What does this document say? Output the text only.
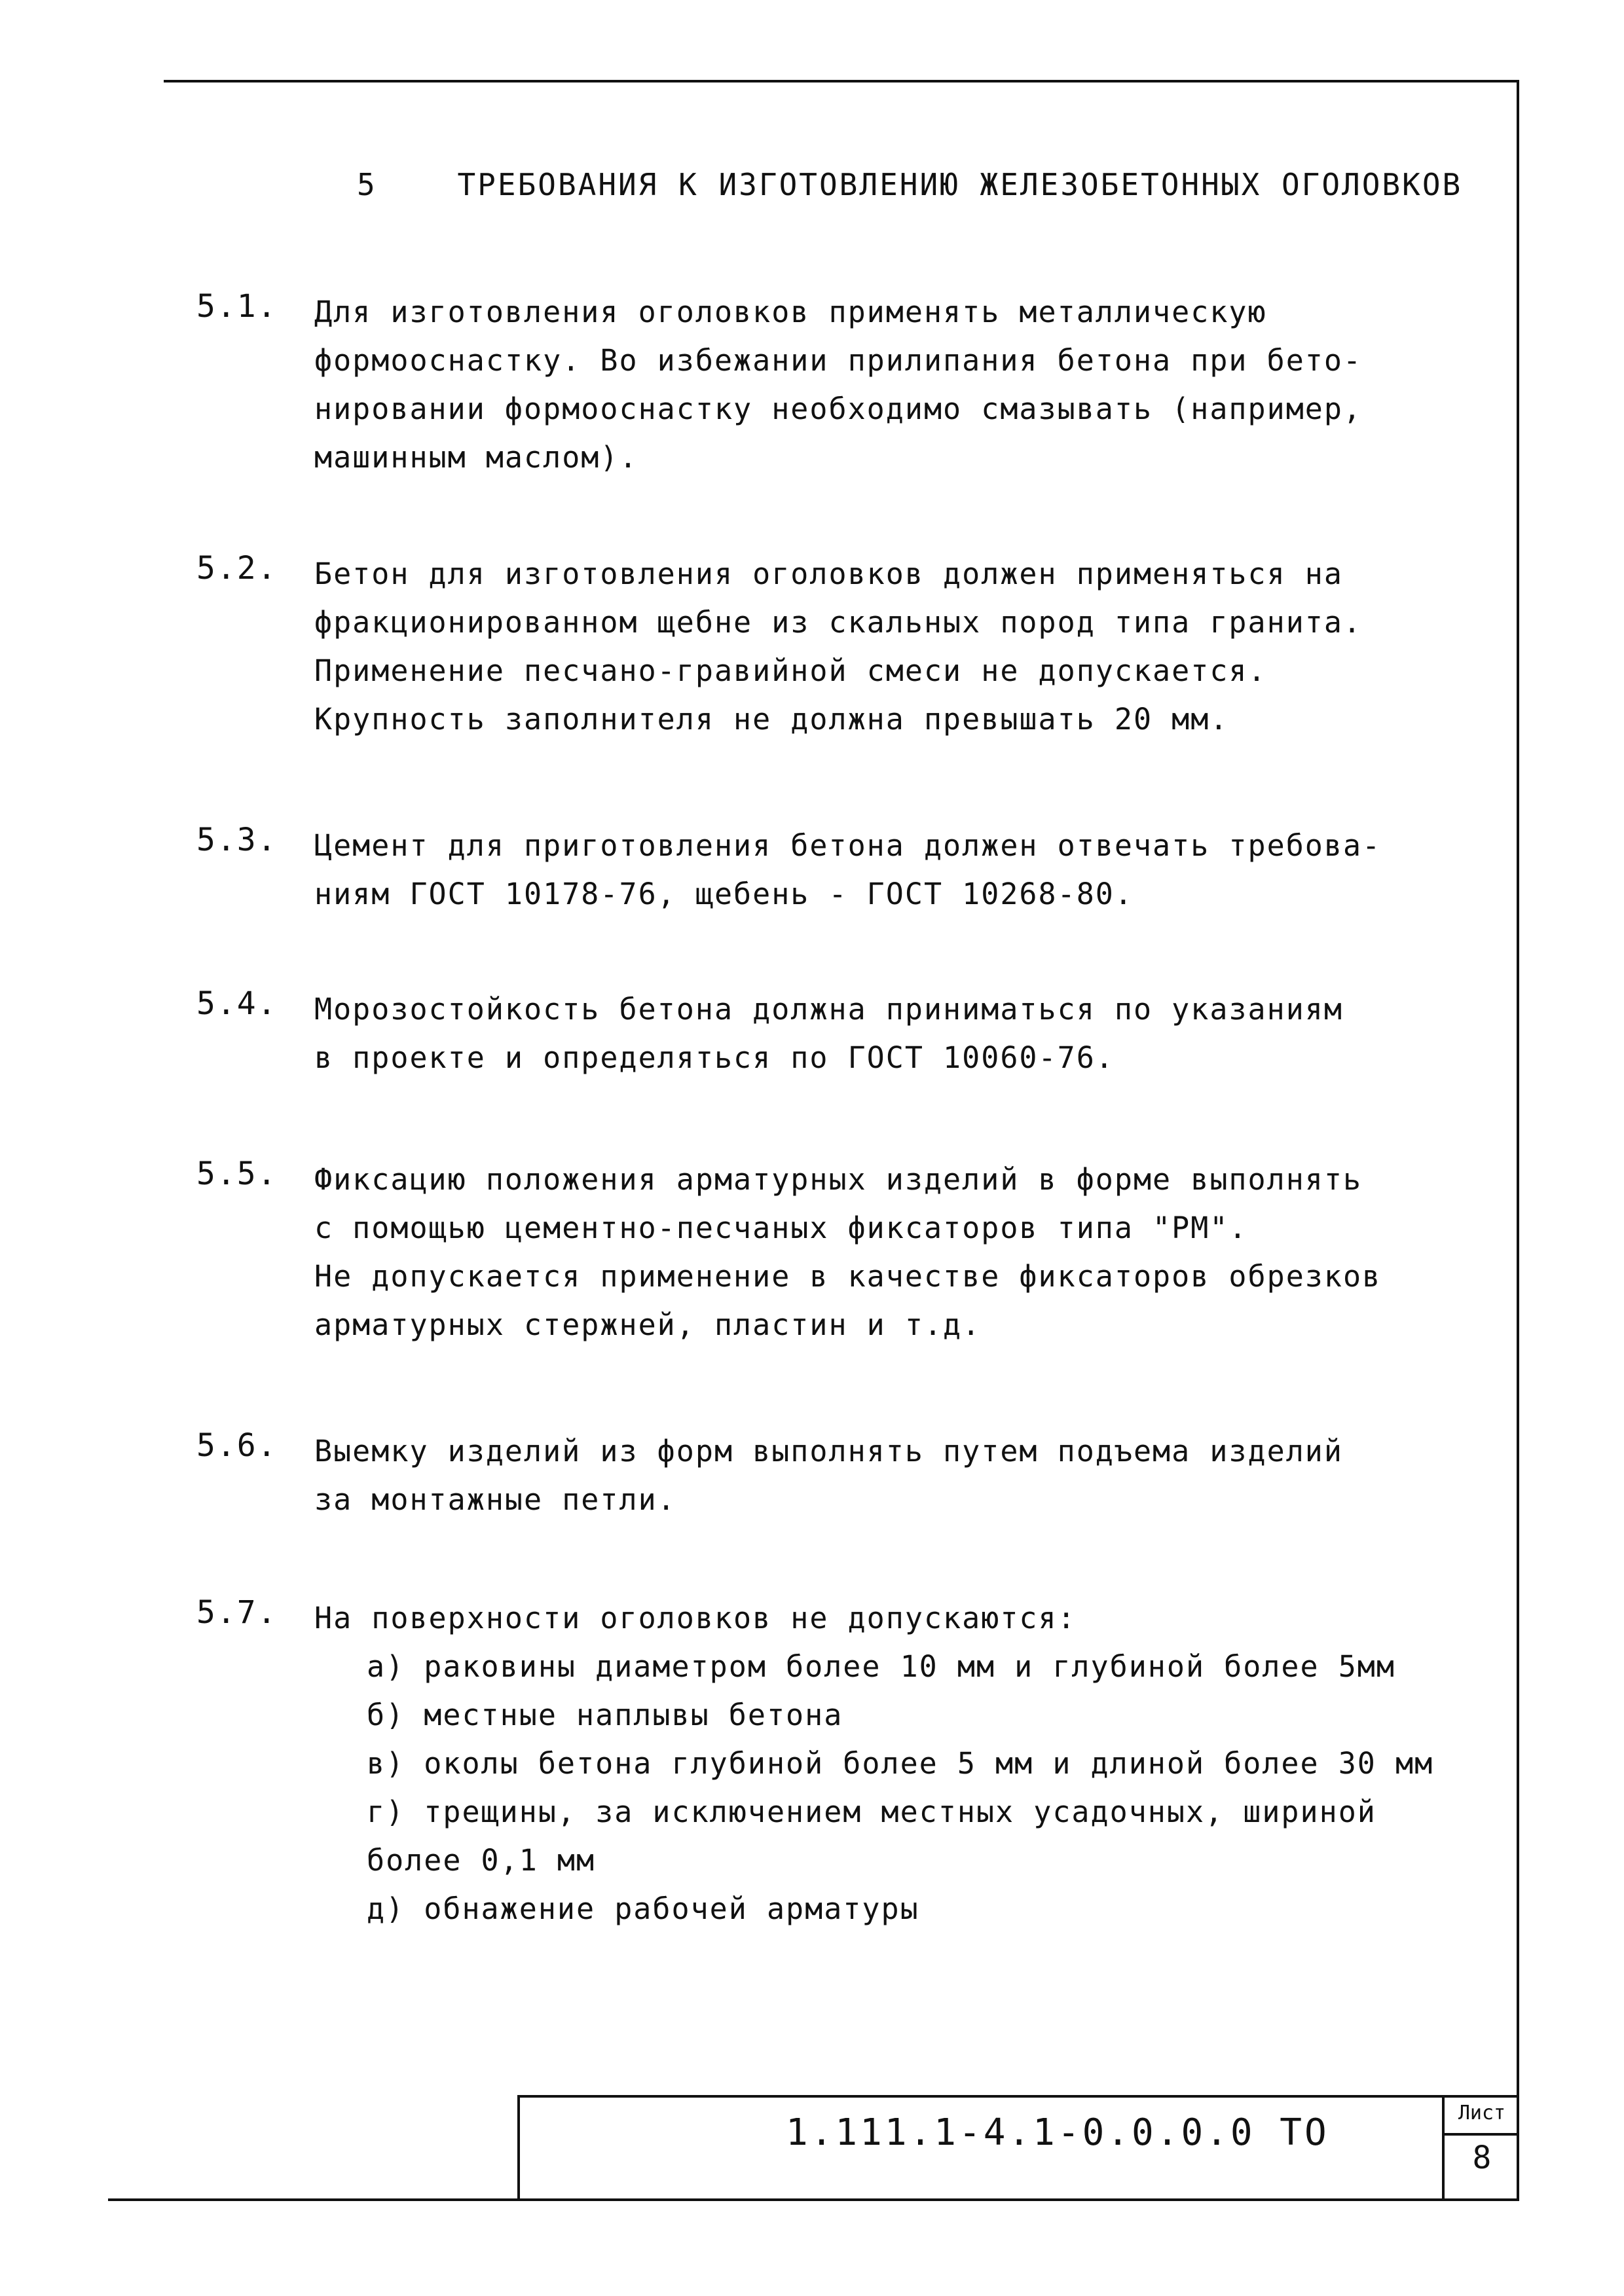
5	ТРЕБОВАНИЯ К ИЗГОТОВЛЕНИЮ ЖЕЛЕЗОБЕТОННЫХ ОГОЛОВКОВ
5.1.	Для изготовления оголовков применять металлическую формооснастку. Во избежании прилипания бетона при бето-
нировании формооснастку необходимо смазывать (например,
машинным маслом).
5.2.	Бетон для изготовления оголовков должен применяться на
фракционированном щебне из скальных пород типа гранита.
Применение песчано-гравийной смеси не допускается.
Крупность заполнителя не должна превышать 20 мм.
5.3.	Цемент для приготовления бетона должен отвечать требова-
ниям ГОСТ 10178-76, щебень - ГОСТ 10268-80.
5.4.	Морозостойкость бетона должна приниматься по указаниям
в проекте и определяться по ГОСТ 10060-76.
5.5.	Фиксацию положения арматурных изделий в форме выполнять
с помощью цементно-песчаных фиксаторов типа "РМ".
Не допускается применение в качестве фиксаторов обрезков
арматурных стержней, пластин и т.д.
5.6.	Выемку изделий из форм выполнять путем подъема изделий
за монтажные петли.
5.7.	На поверхности оголовков не допускаются:
а) раковины диаметром более 10 мм и глубиной более 5мм
б) местные наплывы бетона
в) околы бетона глубиной более 5 мм и длиной более 30 мм
г) трещины, за исключением местных усадочных, шириной
более 0,1 мм
д) обнажение рабочей арматуры
1.111.1-4.1-0.0.0.0 ТО	Лист
8
